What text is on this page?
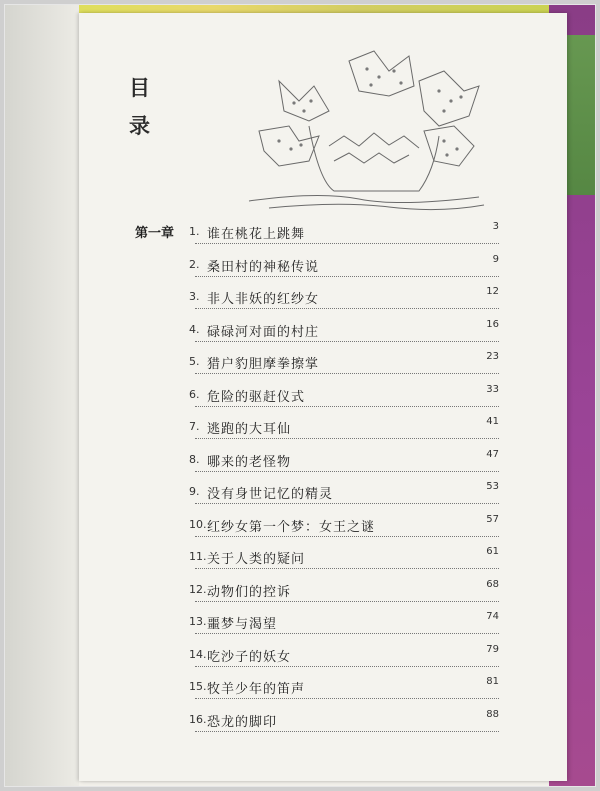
目
录
第一章 1. 谁在桃花上跳舞
3
2. 桑田村的神秘传说
9
3. 非人非妖的红纱女
12
4. 碌碌河对面的村庄
16
5. 猎户豹胆摩拳擦掌
23
6. 危险的驱赶仪式
33
7. 逃跑的大耳仙
41
8. 哪来的老怪物
47
9. 没有身世记忆的精灵
53
10. 红纱女第一个梦：女王之谜
57
11. 关于人类的疑问
61
12. 动物们的控诉
68
13. 噩梦与渴望
74
14. 吃沙子的妖女
79
15. 牧羊少年的笛声
81
16. 恐龙的脚印
88
